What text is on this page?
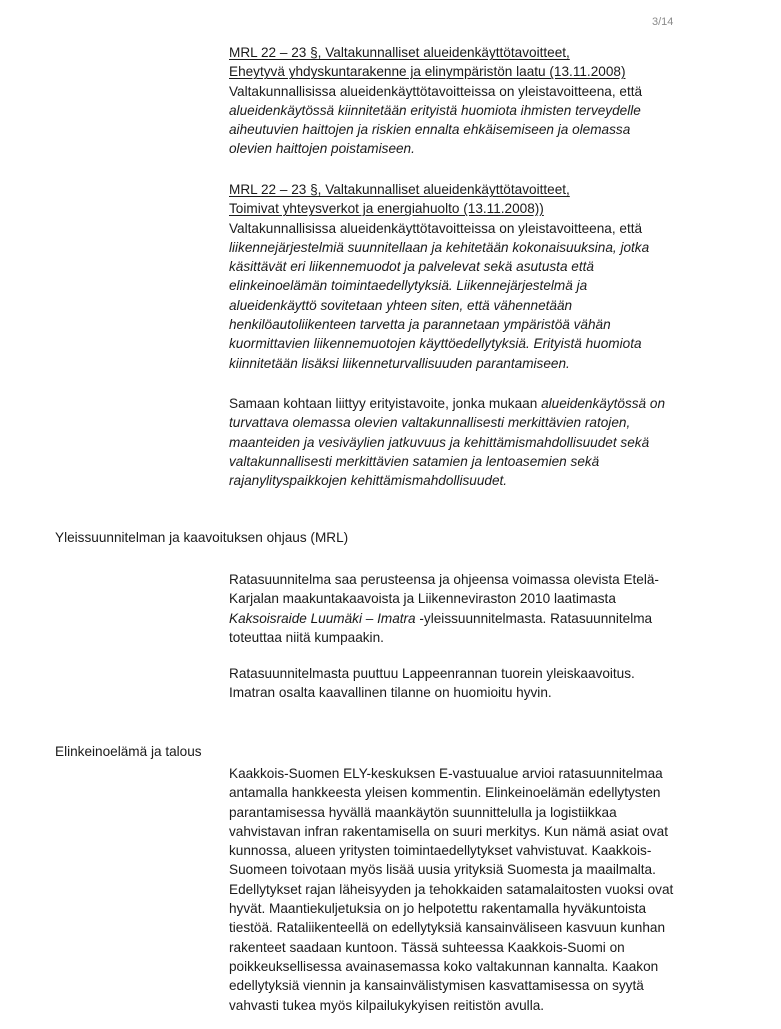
3/14
MRL 22 – 23 §, Valtakunnalliset alueidenkäyttötavoitteet,
Eheytyvä yhdyskuntarakenne ja elinympäristön laatu (13.11.2008)
Valtakunnallisissa alueidenkäyttötavoitteissa on yleistavoitteena, että
alueidenkäytössä kiinnitetään erityistä huomiota ihmisten terveydelle
aiheutuvien haittojen ja riskien ennalta ehkäisemiseen ja olemassa
olevien haittojen poistamiseen.
MRL 22 – 23 §, Valtakunnalliset alueidenkäyttötavoitteet,
Toimivat yhteysverkot ja energiahuolto (13.11.2008))
Valtakunnallisissa alueidenkäyttötavoitteissa on yleistavoitteena, että
liikennejärjestelmiä suunnitellaan ja kehitetään kokonaisuuksina, jotka
käsittävät eri liikennemuodot ja palvelevat sekä asutusta että
elinkeinoelämän toimintaedellytyksiä. Liikennejärjestelmä ja
alueidenkäyttö sovitetaan yhteen siten, että vähennetään
henkilöautoliikenteen tarvetta ja parannetaan ympäristöä vähän
kuormittavien liikennemuotojen käyttöedellytyksiä. Erityistä huomiota
kiinnitetään lisäksi liikenneturvallisuuden parantamiseen.
Samaan kohtaan liittyy erityistavoite, jonka mukaan alueidenkäytössä on
turvattava olemassa olevien valtakunnallisesti merkittävien ratojen,
maanteiden ja vesiväylien jatkuvuus ja kehittämismahdollisuudet sekä
valtakunnallisesti merkittävien satamien ja lentoasemien sekä
rajanylityspaikkojen kehittämismahdollisuudet.
Yleissuunnitelman ja kaavoituksen ohjaus (MRL)
Ratasuunnitelma saa perusteensa ja ohjeensa voimassa olevista Etelä-
Karjalan maakuntakaavoista ja Liikenneviraston 2010 laatimasta
Kaksoisraide Luumäki – Imatra -yleissuunnitelmasta. Ratasuunnitelma
toteuttaa niitä kumpaakin.
Ratasuunnitelmasta puuttuu Lappeenrannan tuorein yleiskaavoitus.
Imatran osalta kaavallinen tilanne on huomioitu hyvin.
Elinkeinoelämä ja talous
Kaakkois-Suomen ELY-keskuksen E-vastuualue arvioi ratasuunnitelmaa
antamalla hankkeesta yleisen kommentin. Elinkeinoelämän edellytysten
parantamisessa hyvällä maankäytön suunnittelulla ja logistiikkaa
vahvistavan infran rakentamisella on suuri merkitys. Kun nämä asiat ovat
kunnossa, alueen yritysten toimintaedellytykset vahvistuvat. Kaakkois-
Suomeen toivotaan myös lisää uusia yrityksiä Suomesta ja maailmalta.
Edellytykset rajan läheisyyden ja tehokkaiden satamalaitosten vuoksi ovat
hyvät. Maantiekuljetuksia on jo helpotettu rakentamalla hyväkuntoista
tiestöä. Rataliikenteellä on edellytyksiä kansainväliseen kasvuun kunhan
rakenteet saadaan kuntoon. Tässä suhteessa Kaakkois-Suomi on
poikkeuksellisessa avainasemassa koko valtakunnan kannalta. Kaakon
edellytyksiä viennin ja kansainvälistymisen kasvattamisessa on syytä
vahvasti tukea myös kilpailukykyisen reitistön avulla.
